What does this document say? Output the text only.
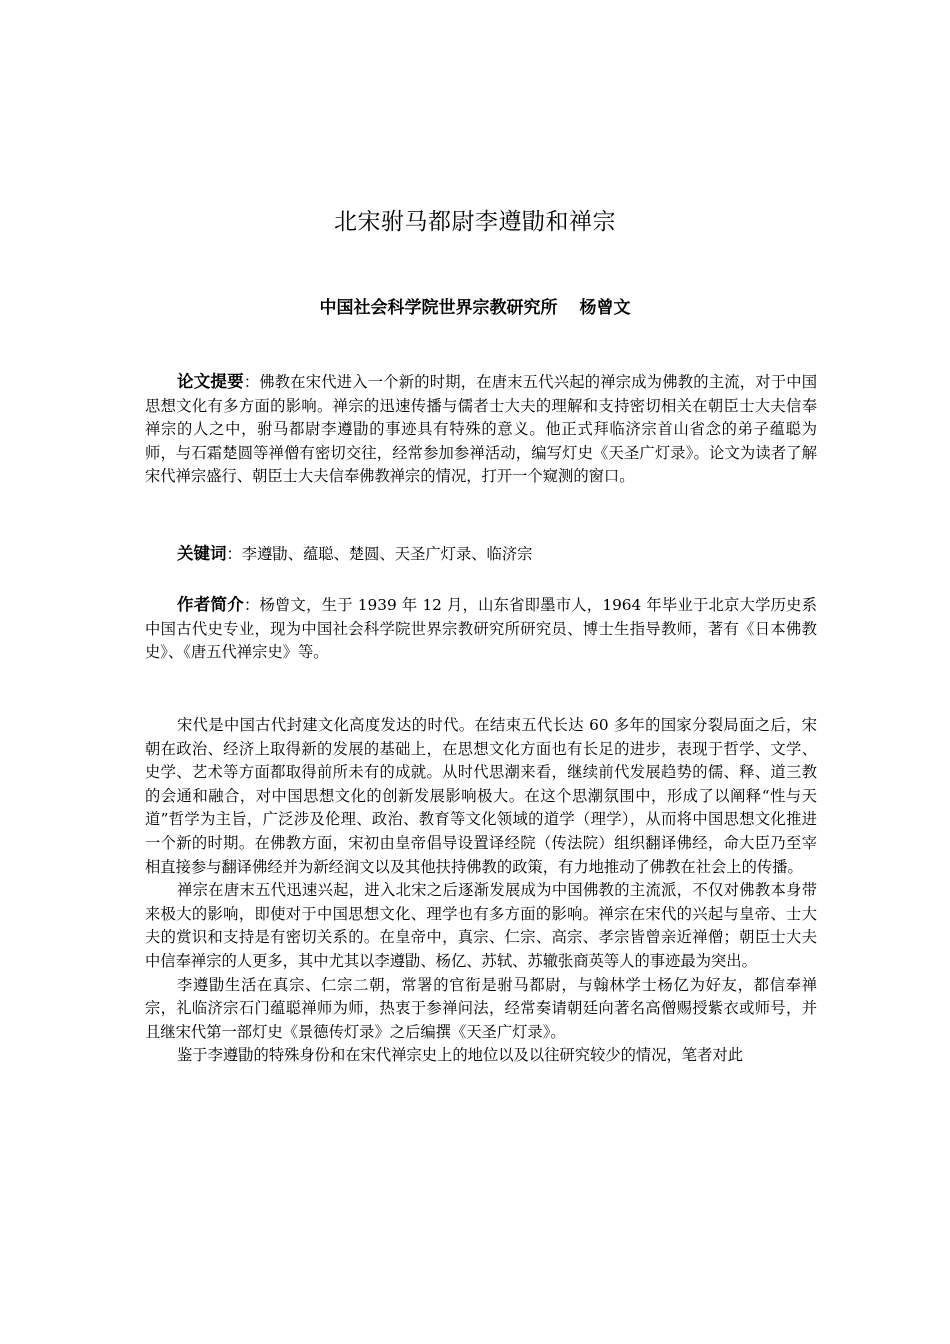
北宋驸马都尉李遵勖和禅宗
中国社会科学院世界宗教研究所 杨曾文

论文提要：佛教在宋代进入一个新的时期，在唐末五代兴起的禅宗成为佛教的主流，对于中国思想文化有多方面的影响。禅宗的迅速传播与儒者士大夫的理解和支持密切相关在朝臣士大夫信奉禅宗的人之中，驸马都尉李遵勖的事迹具有特殊的意义。他正式拜临济宗首山省念的弟子蕴聪为师，与石霜楚圆等禅僧有密切交往，经常参加参禅活动，编写灯史《天圣广灯录》。论文为读者了解宋代禅宗盛行、朝臣士大夫信奉佛教禅宗的情况，打开一个窥测的窗口。

关键词：李遵勖、蕴聪、楚圆、天圣广灯录、临济宗

作者简介：杨曾文，生于 1939 年 12 月，山东省即墨市人，1964 年毕业于北京大学历史系中国古代史专业，现为中国社会科学院世界宗教研究所研究员、博士生指导教师，著有《日本佛教史》、《唐五代禅宗史》等。

宋代是中国古代封建文化高度发达的时代。在结束五代长达 60 多年的国家分裂局面之后，宋朝在政治、经济上取得新的发展的基础上，在思想文化方面也有长足的进步，表现于哲学、文学、史学、艺术等方面都取得前所未有的成就。从时代思潮来看，继续前代发展趋势的儒、释、道三教的会通和融合，对中国思想文化的创新发展影响极大。在这个思潮氛围中，形成了以阐释“性与天道”哲学为主旨，广泛涉及伦理、政治、教育等文化领域的道学（理学），从而将中国思想文化推进一个新的时期。在佛教方面，宋初由皇帝倡导设置译经院（传法院）组织翻译佛经，命大臣乃至宰相直接参与翻译佛经并为新经润文以及其他扶持佛教的政策，有力地推动了佛教在社会上的传播。

禅宗在唐末五代迅速兴起，进入北宋之后逐渐发展成为中国佛教的主流派，不仅对佛教本身带来极大的影响，即使对于中国思想文化、理学也有多方面的影响。禅宗在宋代的兴起与皇帝、士大夫的赏识和支持是有密切关系的。在皇帝中，真宗、仁宗、高宗、孝宗皆曾亲近禅僧；朝臣士大夫中信奉禅宗的人更多，其中尤其以李遵勖、杨亿、苏轼、苏辙张商英等人的事迹最为突出。

李遵勖生活在真宗、仁宗二朝，常署的官衔是驸马都尉，与翰林学士杨亿为好友，都信奉禅宗，礼临济宗石门蕴聪禅师为师，热衷于参禅问法，经常奏请朝廷向著名高僧赐授紫衣或师号，并且继宋代第一部灯史《景德传灯录》之后编撰《天圣广灯录》。

鉴于李遵勖的特殊身份和在宋代禅宗史上的地位以及以往研究较少的情况，笔者对此
